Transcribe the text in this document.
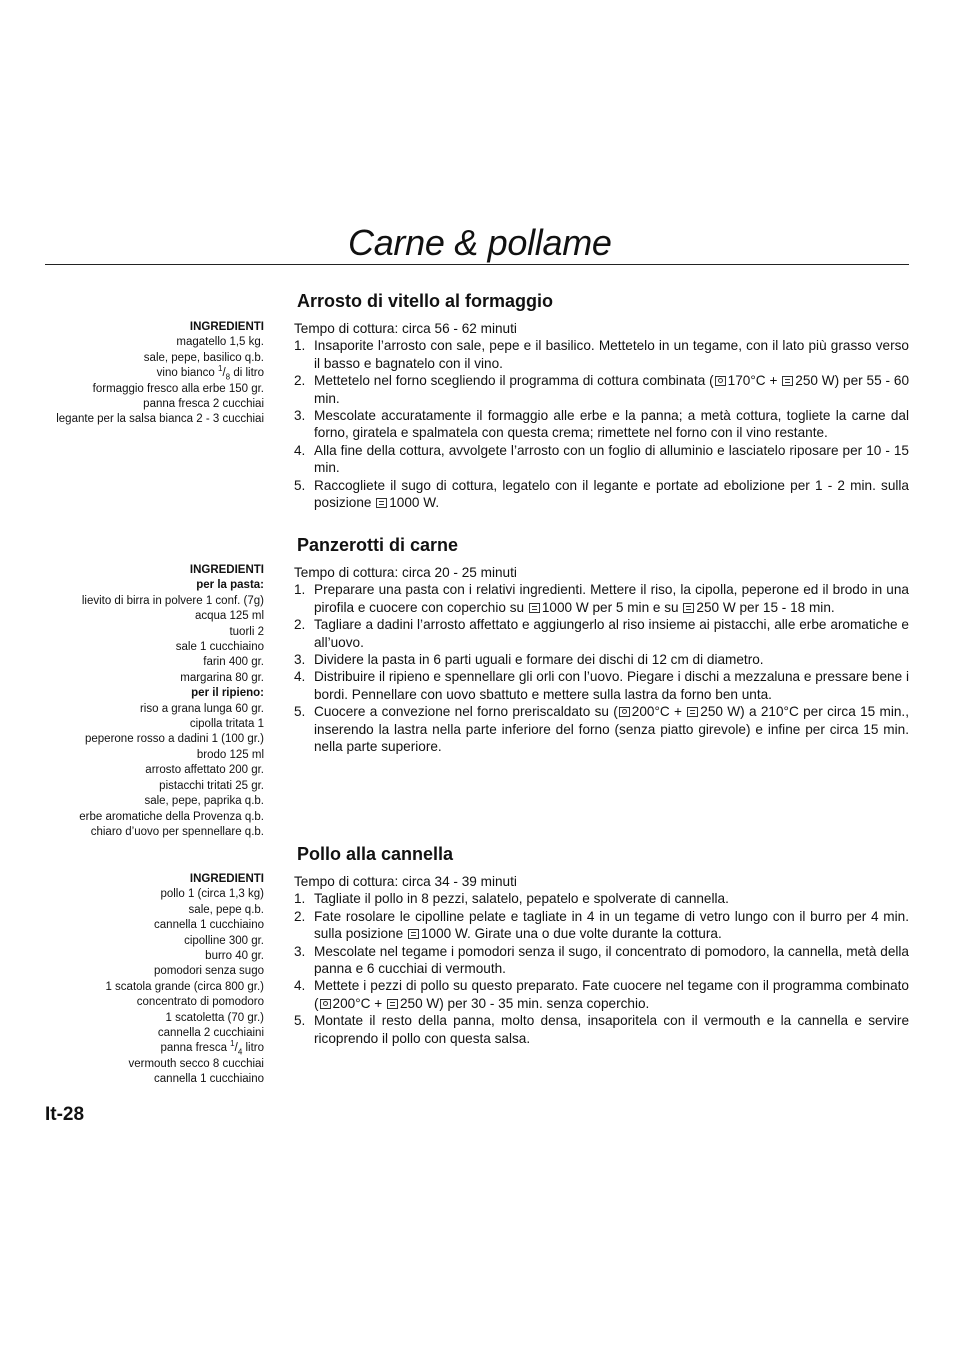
Carne & pollame
Arrosto di vitello al formaggio
INGREDIENTI
magatello 1,5 kg.
sale, pepe, basilico q.b.
vino bianco $^1/_8$ di litro
formaggio fresco alla erbe 150 gr.
panna fresca 2 cucchiai
legante per la salsa bianca 2 - 3 cucchiai
Tempo di cottura: circa 56 - 62 minuti
1. Insaporite l’arrosto con sale, pepe e il basilico. Mettetelo in un tegame, con il lato più grasso verso il basso e bagnatelo con il vino.
2. Mettetelo nel forno scegliendo il programma di cottura combinata ( 170°C + 250 W) per 55 - 60 min.
3. Mescolate accuratamente il formaggio alle erbe e la panna; a metà cottura, togliete la carne dal forno, giratela e spalmatela con questa crema; rimettete nel forno con il vino restante.
4. Alla fine della cottura, avvolgete l’arrosto con un foglio di alluminio e lasciatelo riposare per 10 - 15 min.
5. Raccogliete il sugo di cottura, legatelo con il legante e portate ad ebolizione per 1 - 2 min. sulla posizione 1000 W.
Panzerotti di carne
INGREDIENTI
per la pasta:
lievito di birra in polvere 1 conf. (7g)
acqua 125 ml
tuorli 2
sale 1 cucchiaino
farin 400 gr.
margarina 80 gr.
per il ripieno:
riso a grana lunga 60 gr.
cipolla tritata 1
peperone rosso a dadini 1 (100 gr.)
brodo 125 ml
arrosto affettato 200 gr.
pistacchi tritati 25 gr.
sale, pepe, paprika q.b.
erbe aromatiche della Provenza q.b.
chiaro d’uovo per spennellare q.b.
Tempo di cottura: circa 20 - 25 minuti
1. Preparare una pasta con i relativi ingredienti. Mettere il riso, la cipolla, peperone ed il brodo in una pirofila e cuocere con coperchio su 1000 W per 5 min e su 250 W per 15 - 18 min.
2. Tagliare a dadini l’arrosto affettato e aggiungerlo al riso insieme ai pistacchi, alle erbe aromatiche e all’uovo.
3. Dividere la pasta in 6 parti uguali e formare dei dischi di 12 cm di diametro.
4. Distribuire il ripieno e spennellare gli orli con l’uovo. Piegare i dischi a mezzaluna e pressare bene i bordi. Pennellare con uovo sbattuto e mettere sulla lastra da forno ben unta.
5. Cuocere a convezione nel forno preriscaldato su ( 200°C + 250 W) a 210°C per circa 15 min., inserendo la lastra nella parte inferiore del forno (senza piatto girevole) e infine per circa 15 min. nella parte superiore.
Pollo alla cannella
INGREDIENTI
pollo 1 (circa 1,3 kg)
sale, pepe q.b.
cannella 1 cucchiaino
cipolline 300 gr.
burro 40 gr.
pomodori senza sugo
1 scatola grande (circa 800 gr.)
concentrato di pomodoro
1 scatoletta (70 gr.)
cannella 2 cucchiaini
panna fresca $^1/_4$ litro
vermouth secco 8 cucchiai
cannella 1 cucchiaino
Tempo di cottura: circa 34 - 39 minuti
1. Tagliate il pollo in 8 pezzi, salatelo, pepatelo e spolverate di cannella.
2. Fate rosolare le cipolline pelate e tagliate in 4 in un tegame di vetro lungo con il burro per 4 min. sulla posizione 1000 W. Girate una o due volte durante la cottura.
3. Mescolate nel tegame i pomodori senza il sugo, il concentrato di pomodoro, la cannella, metà della panna e 6 cucchiai di vermouth.
4. Mettete i pezzi di pollo su questo preparato. Fate cuocere nel tegame con il programma combinato ( 200°C + 250 W) per 30 - 35 min. senza coperchio.
5. Montate il resto della panna, molto densa, insaporitela con il vermouth e la cannella e servire ricoprendo il pollo con questa salsa.

It-28
